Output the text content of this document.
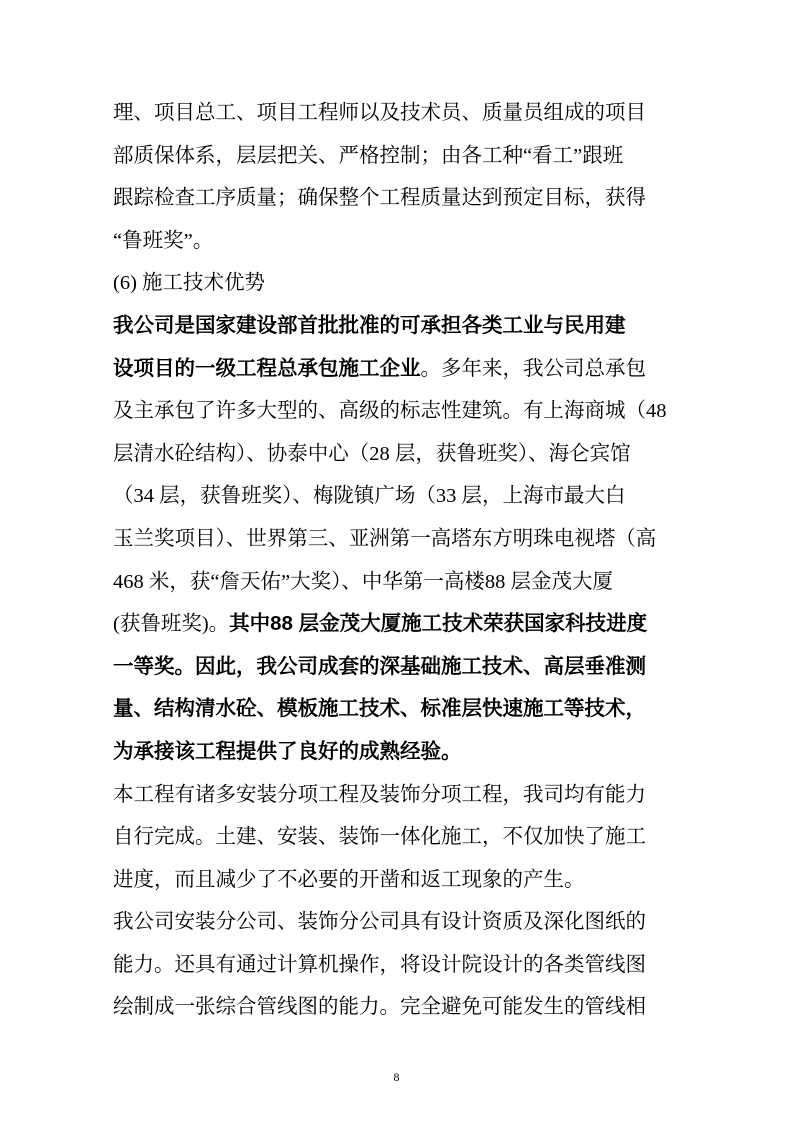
理、项目总工、项目工程师以及技术员、质量员组成的项目
部质保体系，层层把关、严格控制；由各工种“看工”跟班
跟踪检查工序质量；确保整个工程质量达到预定目标，获得
“鲁班奖”。
(6) 施工技术优势
我公司是国家建设部首批批准的可承担各类工业与民用建
设项目的一级工程总承包施工企业。多年来，我公司总承包
及主承包了许多大型的、高级的标志性建筑。有上海商城（48
层清水砼结构）、协泰中心（28 层，获鲁班奖）、海仑宾馆
（34 层，获鲁班奖）、梅陇镇广场（33 层，上海市最大白
玉兰奖项目）、世界第三、亚洲第一高塔东方明珠电视塔（高
468 米，获“詹天佑”大奖）、中华第一高楼88 层金茂大厦
(获鲁班奖)。其中88 层金茂大厦施工技术荣获国家科技进度
一等奖。因此，我公司成套的深基础施工技术、高层垂准测
量、结构清水砼、模板施工技术、标准层快速施工等技术，
为承接该工程提供了良好的成熟经验。
本工程有诸多安装分项工程及装饰分项工程，我司均有能力
自行完成。土建、安装、装饰一体化施工，不仅加快了施工
进度，而且减少了不必要的开凿和返工现象的产生。
我公司安装分公司、装饰分公司具有设计资质及深化图纸的
能力。还具有通过计算机操作，将设计院设计的各类管线图
绘制成一张综合管线图的能力。完全避免可能发生的管线相
8
